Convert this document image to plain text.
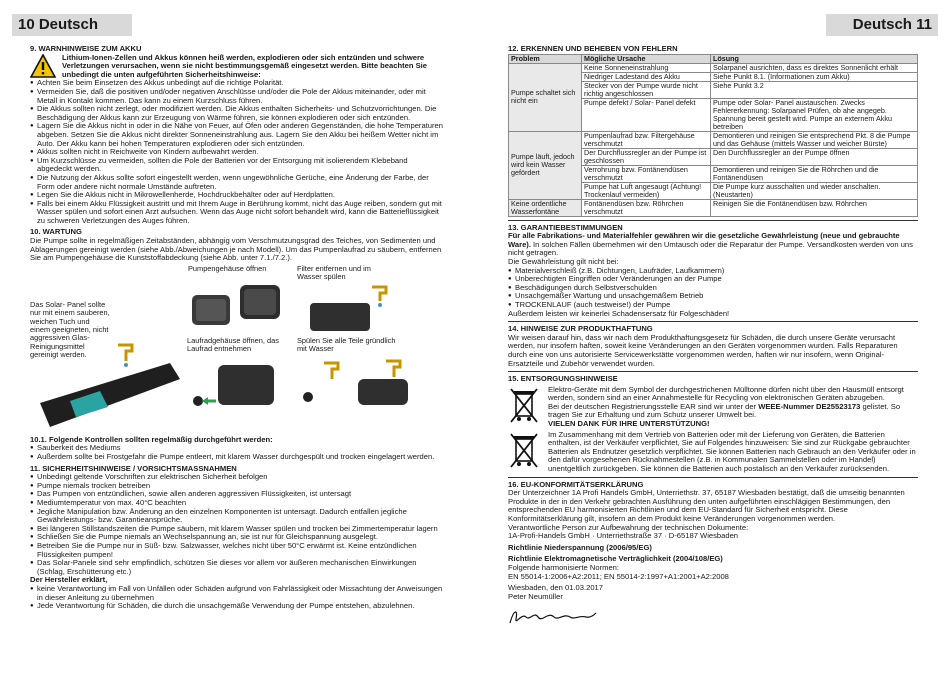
10 Deutsch	Deutsch 11
9. WARNHINWEISE ZUM AKKU
Lithium-Ionen-Zellen und Akkus können heiß werden, explodieren oder sich entzünden und schwere Verletzungen verursachen, wenn sie nicht bestimmungsgemäß eingesetzt werden. Bitte beachten Sie unbedingt die unten aufgeführten Sicherheitshinweise:
● Achten Sie beim Einsetzen des Akkus unbedingt auf die richtige Polarität.
● Vermeiden Sie, daß die positiven und/oder negativen Anschlüsse und/oder die Pole der Akkus miteinander, oder mit Metall in Kontakt kommen. Das kann zu einem Kurzschluss führen.
● Die Akkus sollten nicht zerlegt, oder modifiziert werden. Die Akkus enthalten Sicherheits- und Schutzvorrichtungen. Die Beschädigung der Akkus kann zur Erzeugung von Wärme führen, sie können explodieren oder sich entzünden.
● Lagern Sie die Akkus nicht in oder in die Nähe von Feuer, auf Öfen oder anderen Gegenständen, die hohe Temperaturen abgeben. Setzen Sie die Akkus nicht direkter Sonneneinstrahlung aus. Lagern Sie den Akku bei heißem Wetter nicht im Auto. Der Akku kann bei hohen Temperaturen explodieren oder sich entzünden.
● Akkus sollten nicht in Reichweite von Kindern aufbewahrt werden.
● Um Kurzschlüsse zu vermeiden, sollten die Pole der Batterien vor der Entsorgung mit isolierendem Klebeband abgedeckt werden.
● Die Nutzung der Akkus sollte sofort eingestellt werden, wenn ungewöhnliche Gerüche, eine Änderung der Farbe, der Form oder andere nicht normale Umstände auftreten.
● Legen Sie die Akkus nicht in Mikrowellenherde, Hochdruckbehälter oder auf Herdplatten.
● Falls bei einem Akku Flüssigkeit austritt und mit Ihrem Auge in Berührung kommt, nicht das Auge reiben, sondern gut mit Wasser spülen und sofort einen Arzt aufsuchen. Wenn das Auge nicht sofort behandelt wird, kann die Batterieflüssigkeit zu schweren Verletzungen des Auges führen.
10. WARTUNG

Die Pumpe sollte in regelmäßigen Zeitabständen, abhängig vom Verschmutzungsgrad des Teiches, von Sedimenten und Ablagerungen gereinigt werden (siehe Abb./Abweichungen je nach Modell). Um das Pumpenlaufrad zu säubern, entfernen Sie am Pumpengehäuse die Kunststoffabdeckung (siehe Abb. unter 7.1./7.2.).

Pumpengehäuse öffnen	Filter entfernen und im Wasser spülen
Das Solar- Panel sollte nur mit einem sauberen, weichen Tuch und einem geeigneten, nicht aggressiven Glas-Reinigungsmittel gereinigt werden.
Laufradgehäuse öffnen, das Laufrad entnehmen
Spülen Sie alle Teile gründlich mit Wasser
10.1. Folgende Kontrollen sollten regelmäßig durchgeführt werden:
● Sauberkeit des Mediums
● Außerdem sollte bei Frostgefahr die Pumpe entleert, mit klarem Wasser durchgespült und trocken eingelagert werden.
11. SICHERHEITSHINWEISE / VORSICHTSMASSNAHMEN
● Unbedingt geltende Vorschriften zur elektrischen Sicherheit befolgen
● Pumpe niemals trocken betreiben
● Das Pumpen von entzündlichen, sowie allen anderen aggressiven Flüssigkeiten, ist untersagt
● Mediumtemperatur von max. 40°C beachten
● Jegliche Manipulation bzw. Änderung an den einzelnen Komponenten ist untersagt. Dadurch entfallen jegliche Gewährleistungs- bzw. Garantieansprüche.
● Bei längeren Stillstandszeiten die Pumpe säubern, mit klarem Wasser spülen und trocken bei Zimmertemperatur lagern
● Schließen Sie die Pumpe niemals an Wechselspannung an, sie ist nur für Gleichspannung ausgelegt.
● Betreiben Sie die Pumpe nur in Süß- bzw. Salzwasser, welches nicht über 50°C erwärmt ist. Keine entzündlichen Flüssigkeiten pumpen!
● Das Solar-Panele sind sehr empfindlich, schützen Sie dieses vor allem vor äußeren mechanischen Einwirkungen (Schlag, Erschütterung etc.)
Der Hersteller erklärt,
● keine Verantwortung im Fall von Unfällen oder Schäden aufgrund von Fahrlässigkeit oder Missachtung der Anweisungen in dieser Anleitung zu übernehmen
● Jede Verantwortung für Schäden, die durch die unsachgemäße Verwendung der Pumpe entstehen, abzulehnen.
12. ERKENNEN UND BEHEBEN VON FEHLERN
Problem	Mögliche Ursache	Lösung
Pumpe schaltet sich nicht ein	Keine Sonneneinstrahlung	Solarpanel ausrichten, dass es direktes Sonnenlicht erhält
	Niedriger Ladestand des Akku	Siehe Punkt 8.1. (Informationen zum Akku)
	Stecker von der Pumpe wurde nicht richtig angeschlossen	Siehe Punkt 3.2
	Pumpe defekt / Solar- Panel defekt	Pumpe oder Solar- Panel austauschen. Zwecks Fehlererkennung: Solarpanel Prüfen, ob ahe angegeb. Spannung bereit gestellt wird. Pumpe an externem Akku betreiben
Pumpe läuft, jedoch wird kein Wasser gefördert	Pumpenlaufrad bzw. Filtergehäuse verschmutzt	Demontieren und reinigen Sie entsprechend Pkt. 8 die Pumpe und das Gehäuse (mittels Wasser und weicher Bürste)
	Der Durchflussregler an der Pumpe ist geschlossen	Den Durchflussregler an der Pumpe öffnen
	Verrohrung bzw. Fontänendüsen verschmutzt	Demontieren und reinigen Sie die Röhrchen und die Fontänendüsen
	Pumpe hat Luft angesaugt (Achtung! Trockenlauf vermeiden)	Die Pumpe kurz ausschalten und wieder anschalten. (Neustarten)
Keine ordentliche Wasserfontäne	Fontänendüsen bzw. Röhrchen verschmutzt	Reinigen Sie die Fontänendüsen bzw. Röhrchen
13. GARANTIEBESTIMMUNGEN

Für alle Fabrikations- und Materialfehler gewähren wir die gesetzliche Gewährleistung (neue und gebrauchte Ware). In solchen Fällen übernehmen wir den Umtausch oder die Reparatur der Pumpe. Versandkosten werden von uns nicht getragen.

Die Gewährleistung gilt nicht bei:
● Materialverschleiß (z.B. Dichtungen, Laufräder, Laufkammern)
● Unberechtigten Eingriffen oder Veränderungen an der Pumpe
● Beschädigungen durch Selbstverschulden
● Unsachgemäßer Wartung und unsachgemäßem Betrieb
● TROCKENLAUF (auch testweise!) der Pumpe
Außerdem leisten wir keinerlei Schadensersatz für Folgeschäden!
14. HINWEISE ZUR PRODUKTHAFTUNG

Wir weisen darauf hin, dass wir nach dem Produkthaftungsgesetz für Schäden, die durch unsere Geräte verursacht werden, nur insofern haften, soweit keine Veränderungen an den Geräten vorgenommen wurden. Falls Reparaturen durch eine von uns autorisierte Servicewerkstätte vorgenommen werden, haften wir nur insofern, wenn Original-Ersatzteile und Zubehör verwendet wurden.

15. ENTSORGUNGSHINWEISE
Elektro-Geräte mit dem Symbol der durchgestrichenen Mülltonne dürfen nicht über den Hausmüll entsorgt werden, sondern sind an einer Annahmestelle für Recycling von elektronischen Geräten abzugeben.
Bei der deutschen Registrierungsstelle EAR sind wir unter der WEEE-Nummer DE25523173 gelistet. So tragen Sie zur Erhaltung und zum Schutz unserer Umwelt bei.
VIELEN DANK FÜR IHRE UNTERSTÜTZUNG!
Im Zusammenhang mit dem Vertrieb von Batterien oder mit der Lieferung von Geräten, die Batterien enthalten, ist der Verkäufer verpflichtet, Sie auf Folgendes hinzuweisen: Sie sind zur Rückgabe gebrauchter Batterien als Endnutzer gesetzlich verpflichtet. Sie können Batterien nach Gebrauch an den Verkäufer oder in den dafür vorgesehenen Rücknahmestellen (z.B. in Kommunalen Sammelstellen oder im Handel) unentgeltlich zurückgeben. Sie können die Batterien auch postalisch an den Verkäufer zurücksenden.
16. EU-KONFORMITÄTSERKLÄRUNG

Der Unterzeichner 1A Profi Handels GmbH, Unterriethstr. 37, 65187 Wiesbaden bestätigt, daß die umseitig benannten Produkte in der in den Verkehr gebrachten Ausführung den unten aufgeführten einschlägigen Bestimmungen, den entsprechenden EU harmonisierten Richtlinien und dem EU-Standard für Sicherheit entspricht. Diese Konformitätserklärung gilt, insofern an dem Produkt keine Veränderungen vorgenommen werden.

Verantwortliche Person zur Aufbewahrung der technischen Dokumente:
1A-Profi-Handels GmbH · Unterriethstraße 37 · D-65187 Wiesbaden
Richtlinie Niederspannung (2006/95/EG)
Richtlinie Elektromagnetische Verträglichkeit (2004/108/EG)
Folgende harmonisierte Normen:
EN 55014-1:2006+A2:2011; EN 55014-2:1997+A1:2001+A2:2008
Wiesbaden, den 01.03.2017
Peter Neumüller
